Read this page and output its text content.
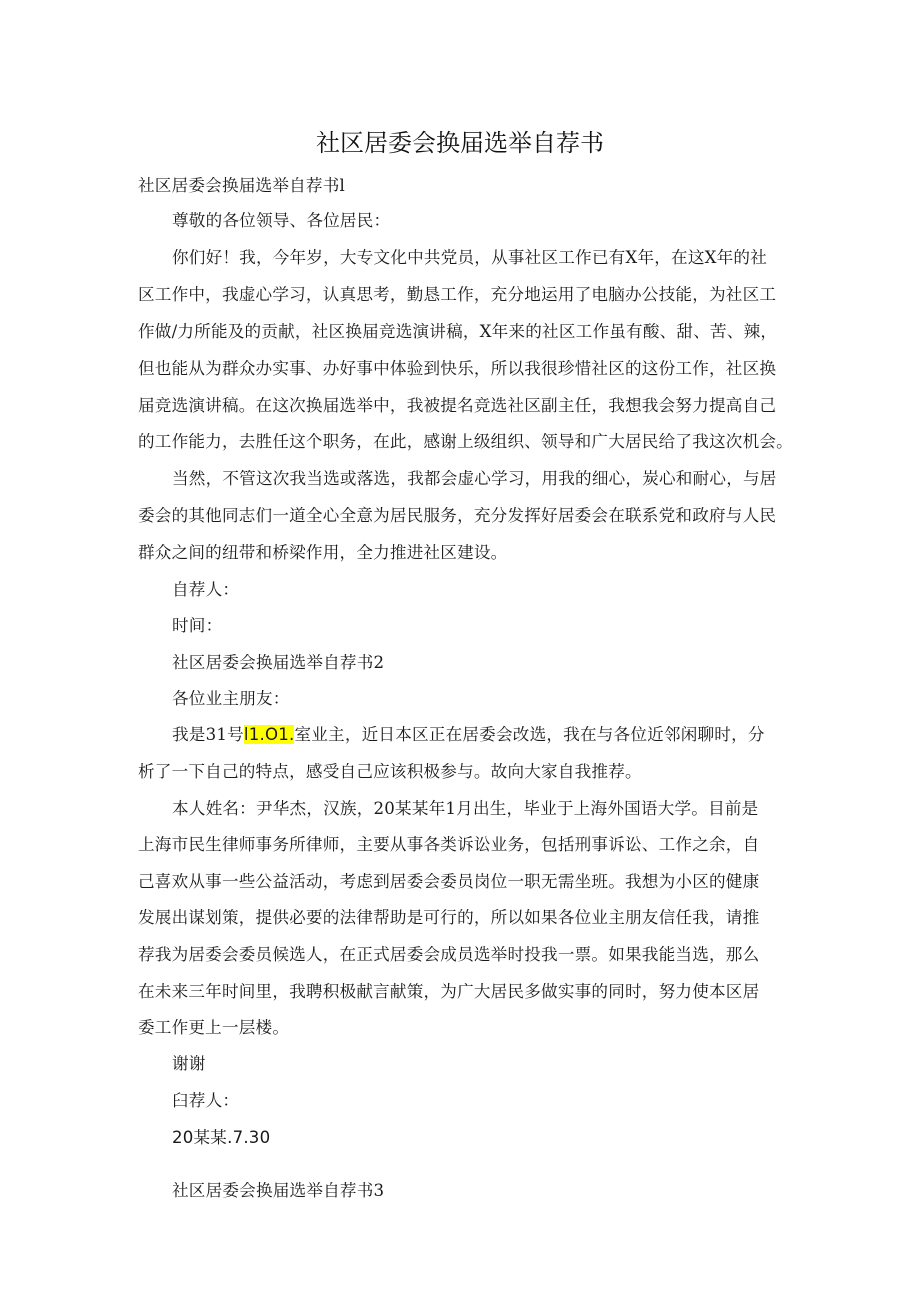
社区居委会换届选举自荐书
社区居委会换届选举自荐书l
尊敬的各位领导、各位居民：
你们好！我，今年岁，大专文化中共党员，从事社区工作已有X年，在这X年的社
区工作中，我虚心学习，认真思考，勤恳工作，充分地运用了电脑办公技能，为社区工
作做/力所能及的贡献，社区换届竞选演讲稿，X年来的社区工作虽有酸、甜、苦、辣，
但也能从为群众办实事、办好事中体验到快乐，所以我很珍惜社区的这份工作，社区换
届竞选演讲稿。在这次换届选举中，我被提名竞选社区副主任，我想我会努力提高自己
的工作能力，去胜任这个职务，在此，感谢上级组织、领导和广大居民给了我这次机会。
当然，不管这次我当选或落选，我都会虚心学习，用我的细心，炭心和耐心，与居
委会的其他同志们一道全心全意为居民服务，充分发挥好居委会在联系党和政府与人民
群众之间的纽带和桥梁作用，全力推进社区建设。
自荐人：
时间：
社区居委会换届选举自荐书2
各位业主朋友：
我是31号l1.O1.室业主，近日本区正在居委会改选，我在与各位近邻闲聊时，分
析了一下自己的特点，感受自己应该积极参与。故向大家自我推荐。
本人姓名：尹华杰，汉族，20某某年1月出生，毕业于上海外国语大学。目前是
上海市民生律师事务所律师，主要从事各类诉讼业务，包括刑事诉讼、工作之余，自
己喜欢从事一些公益活动，考虑到居委会委员岗位一职无需坐班。我想为小区的健康
发展出谋划策，提供必要的法律帮助是可行的，所以如果各位业主朋友信任我，请推
荐我为居委会委员候选人，在正式居委会成员选举时投我一票。如果我能当选，那么
在未来三年时间里，我聘积极献言献策，为广大居民多做实事的同时，努力使本区居
委工作更上一层楼。
谢谢
臼荐人：
20某某.7.30
社区居委会换届选举自荐书3
